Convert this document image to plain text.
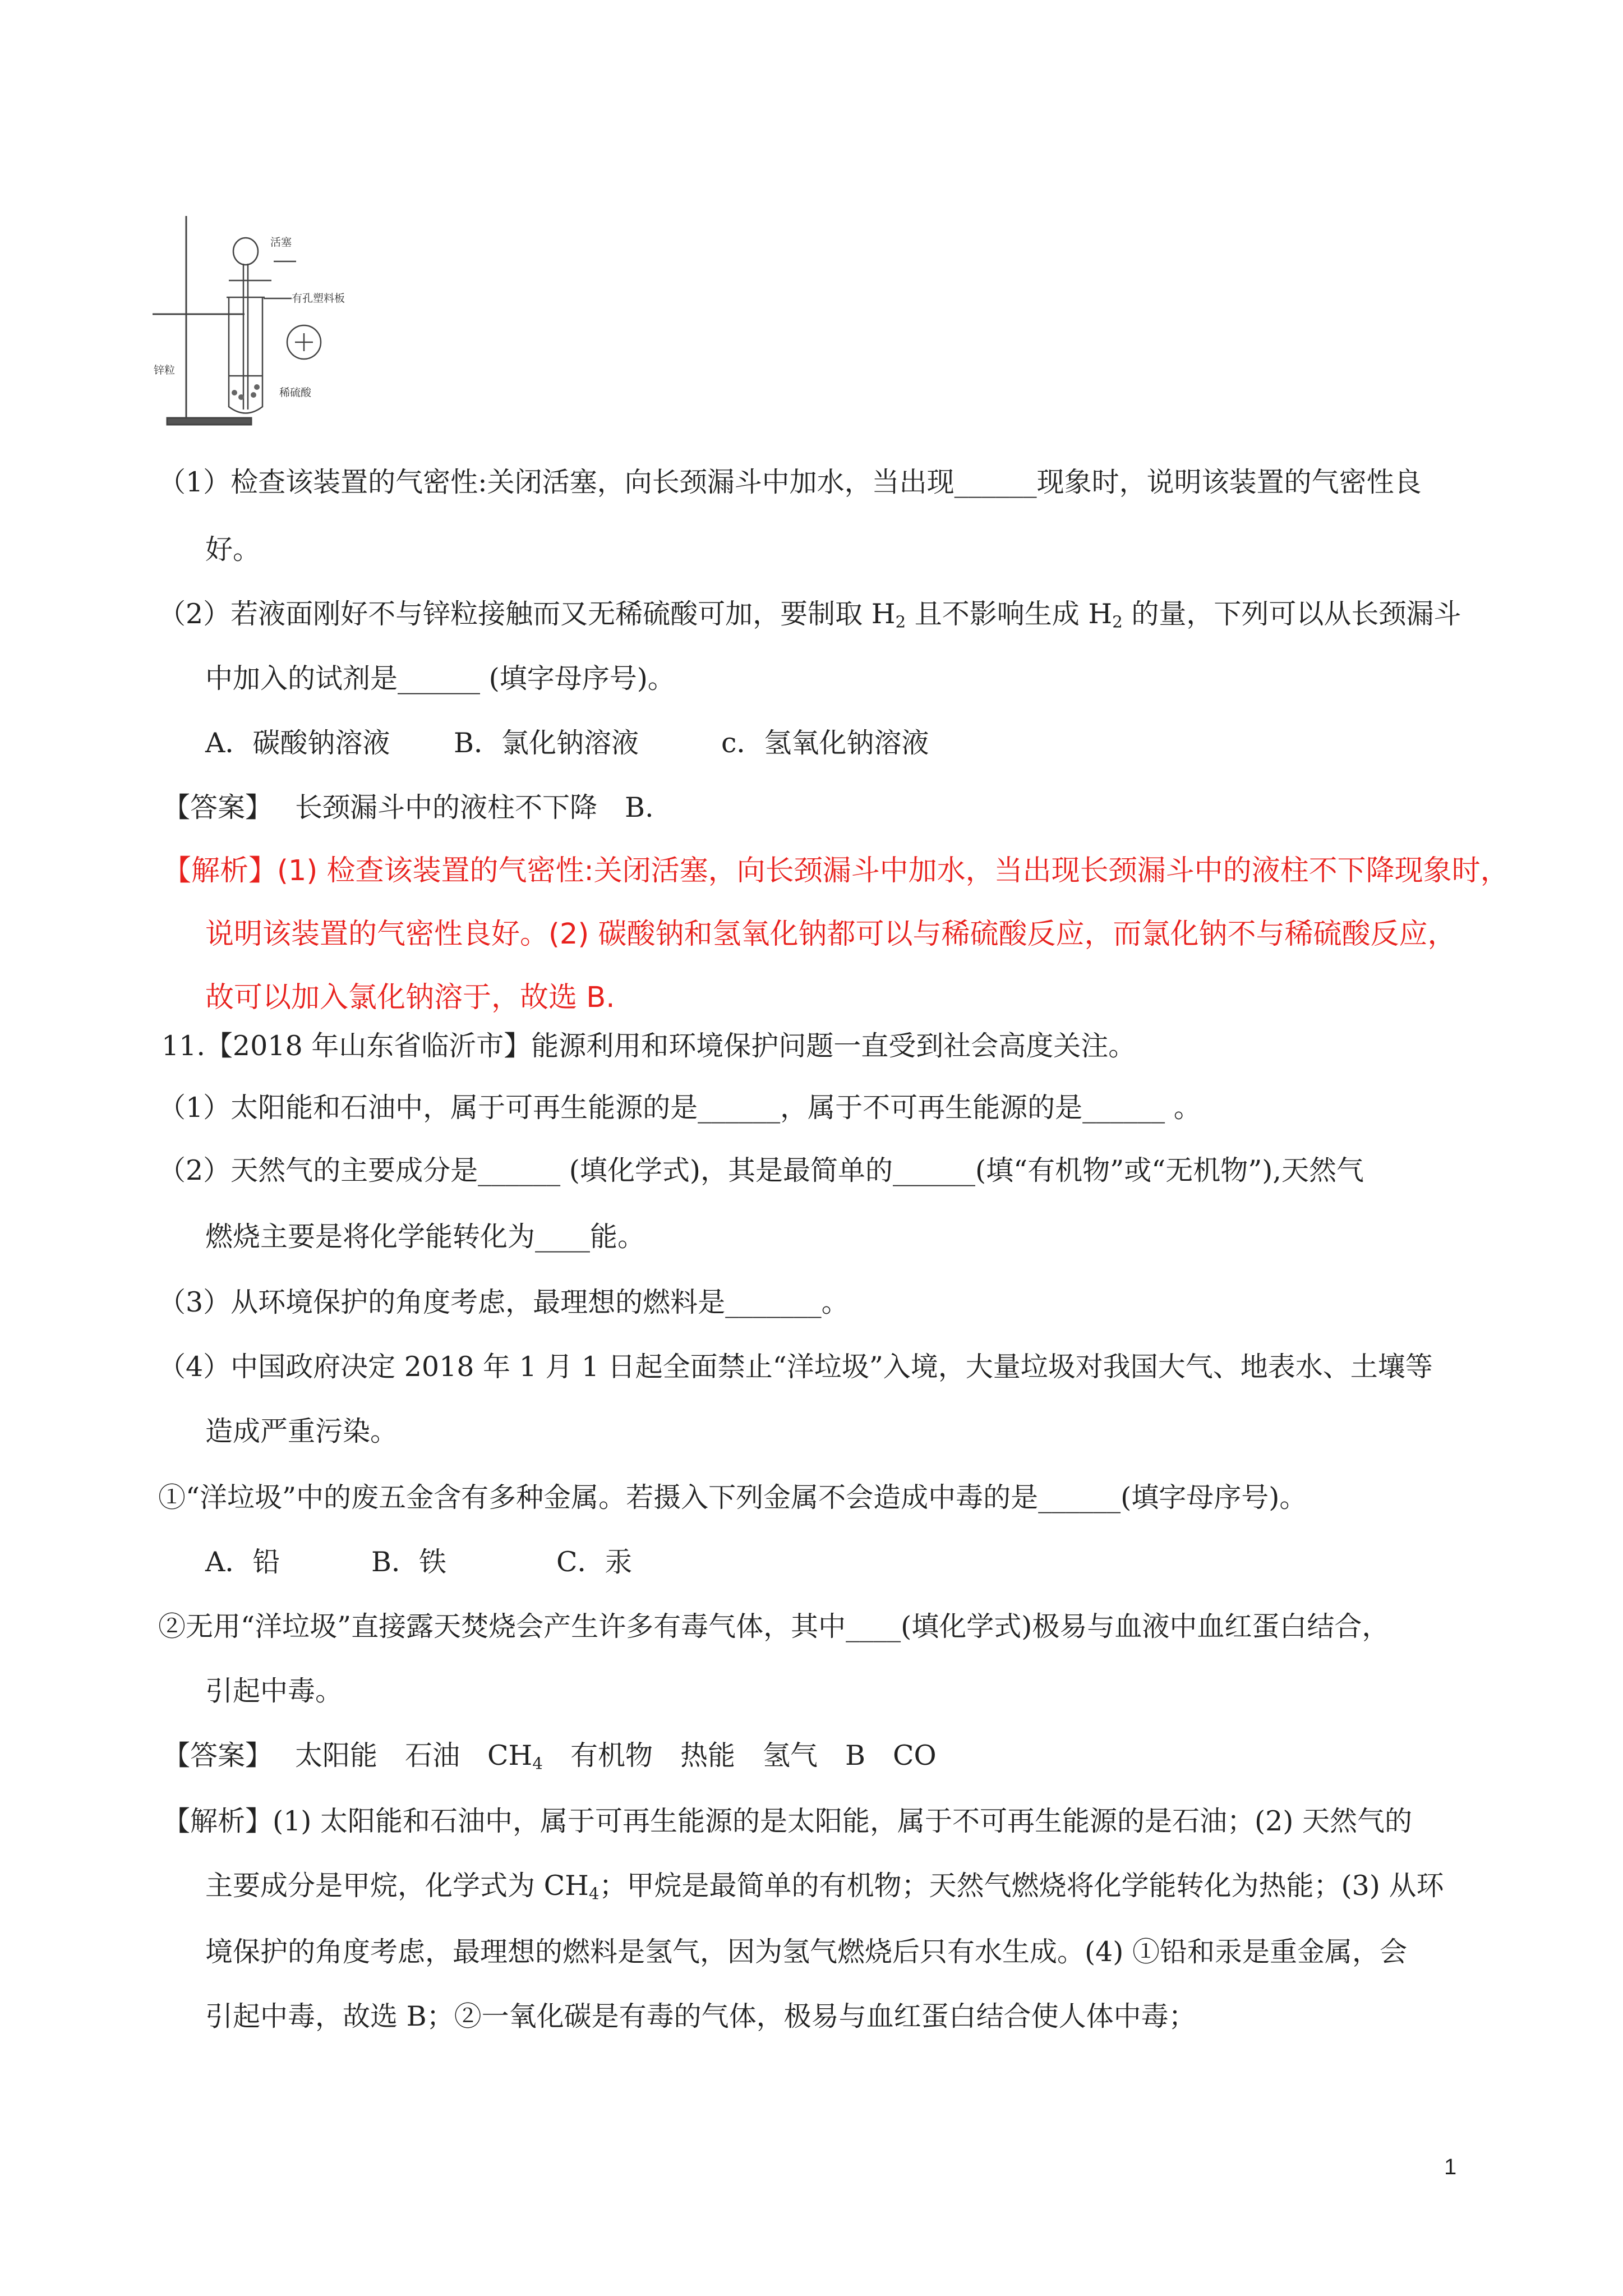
活塞
有孔塑料板
锌粒
稀硫酸
（1）检查该装置的气密性:关闭活塞，向长颈漏斗中加水，当出现______现象时，说明该装置的气密性良
好。
（2）若液面刚好不与锌粒接触而又无稀硫酸可加，要制取 $H_2$ 且不影响生成 $H_2$ 的量，下列可以从长颈漏斗
中加入的试剂是______ (填字母序号)。
A．碳酸钠溶液　　 B．氯化钠溶液　　　c．氢氧化钠溶液
【答案】 长颈漏斗中的液柱不下降　B.
【解析】(1) 检查该装置的气密性:关闭活塞，向长颈漏斗中加水，当出现长颈漏斗中的液柱不下降现象时，
说明该装置的气密性良好。(2) 碳酸钠和氢氧化钠都可以与稀硫酸反应，而氯化钠不与稀硫酸反应，
故可以加入氯化钠溶于，故选 B.
11.【2018 年山东省临沂市】能源利用和环境保护问题一直受到社会高度关注。
（1）太阳能和石油中，属于可再生能源的是______，属于不可再生能源的是______ 。
（2）天然气的主要成分是______ (填化学式)，其是最简单的______(填“有机物”或“无机物”),天然气
燃烧主要是将化学能转化为____能。
（3）从环境保护的角度考虑，最理想的燃料是_______。
（4）中国政府决定 2018 年 1 月 1 日起全面禁止“洋垃圾”入境，大量垃圾对我国大气、地表水、土壤等
造成严重污染。
①“洋垃圾”中的废五金含有多种金属。若摄入下列金属不会造成中毒的是______(填字母序号)。
A．铅　　　 B．铁　　　　C．汞
②无用“洋垃圾”直接露天焚烧会产生许多有毒气体，其中____(填化学式)极易与血液中血红蛋白结合，
引起中毒。
【答案】 太阳能　石油　$CH_4$　有机物　热能　氢气　B　CO
【解析】(1) 太阳能和石油中，属于可再生能源的是太阳能，属于不可再生能源的是石油；(2) 天然气的
主要成分是甲烷，化学式为 $CH_4$；甲烷是最简单的有机物；天然气燃烧将化学能转化为热能；(3) 从环
境保护的角度考虑，最理想的燃料是氢气，因为氢气燃烧后只有水生成。(4) ①铅和汞是重金属，会
引起中毒，故选 B；②一氧化碳是有毒的气体，极易与血红蛋白结合使人体中毒；
1
